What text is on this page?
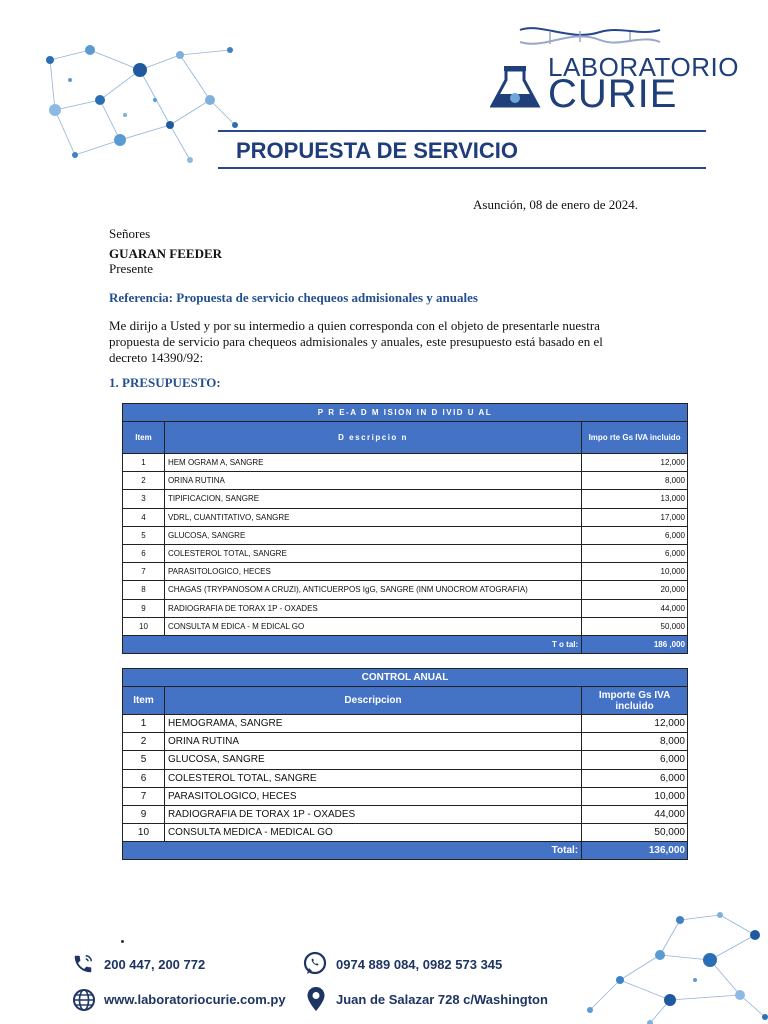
LABORATORIO
CURIE
PROPUESTA DE SERVICIO
Asunción, 08 de enero de 2024.
Señores
GUARAN FEEDER
Presente
Referencia: Propuesta de servicio chequeos admisionales y anuales
Me dirijo a Usted y por su intermedio a quien corresponda con el objeto de presentarle nuestra propuesta de servicio para chequeos admisionales y anuales, este presupuesto está basado en el decreto 14390/92:
1. PRESUPUESTO:
P R E-A D M ISION IN D IVID U AL		
Item	D escripcio n	Impo rte Gs IVA incluido
1	HEM OGRAM A, SANGRE	12,000
2	ORINA RUTINA	8,000
3	TIPIFICACION, SANGRE	13,000
4	VDRL, CUANTITATIVO, SANGRE	17,000
5	GLUCOSA, SANGRE	6,000
6	COLESTEROL TOTAL, SANGRE	6,000
7	PARASITOLOGICO, HECES	10,000
8	CHAGAS (TRYPANOSOM A CRUZI), ANTICUERPOS IgG, SANGRE (INM UNOCROM ATOGRAFIA)	20,000
9	RADIOGRAFIA DE TORAX 1P - OXADES	44,000
10	CONSULTA M EDICA - M EDICAL GO	50,000
T o tal:		186 ,000
CONTROL ANUAL		
Item	Descripcion	Importe Gs IVA incluido
1	HEMOGRAMA, SANGRE	12,000
2	ORINA RUTINA	8,000
5	GLUCOSA, SANGRE	6,000
6	COLESTEROL TOTAL, SANGRE	6,000
7	PARASITOLOGICO, HECES	10,000
9	RADIOGRAFIA DE TORAX 1P - OXADES	44,000
10	CONSULTA MEDICA - MEDICAL GO	50,000
Total:		136,000
200 447, 200 772	0974 889 084, 0982 573 345
www.laboratoriocurie.com.py	Juan de Salazar 728 c/Washington
